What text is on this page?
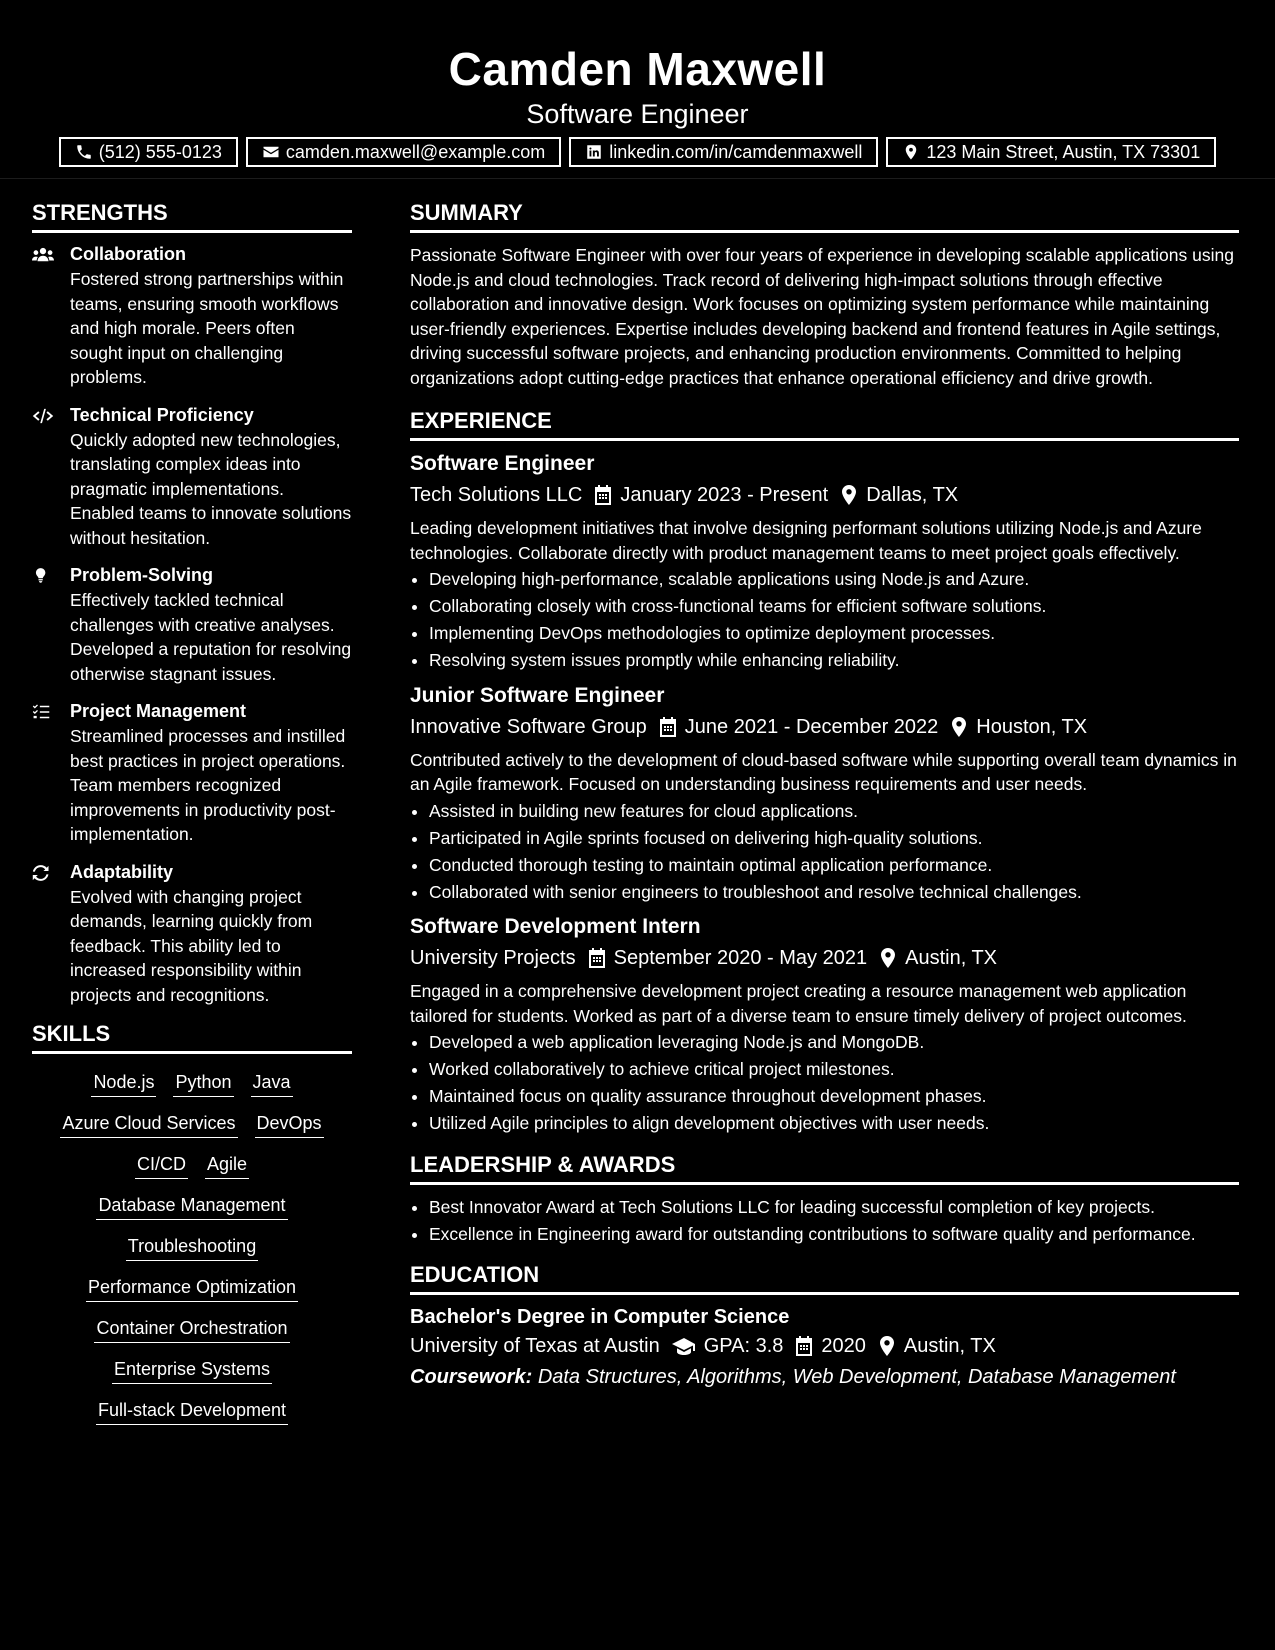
Camden Maxwell
Software Engineer
(512) 555-0123	camden.maxwell@example.com	linkedin.com/in/camdenmaxwell	123 Main Street, Austin, TX 73301
STRENGTHS
Collaboration
Fostered strong partnerships within teams, ensuring smooth workflows and high morale. Peers often sought input on challenging problems.
Technical Proficiency
Quickly adopted new technologies, translating complex ideas into pragmatic implementations. Enabled teams to innovate solutions without hesitation.
Problem-Solving
Effectively tackled technical challenges with creative analyses. Developed a reputation for resolving otherwise stagnant issues.
Project Management
Streamlined processes and instilled best practices in project operations. Team members recognized improvements in productivity post-implementation.
Adaptability
Evolved with changing project demands, learning quickly from feedback. This ability led to increased responsibility within projects and recognitions.
SKILLS
Node.js Python Java
Azure Cloud Services DevOps
CI/CD Agile
Database Management
Troubleshooting
Performance Optimization
Container Orchestration
Enterprise Systems
Full-stack Development
SUMMARY
Passionate Software Engineer with over four years of experience in developing scalable applications using Node.js and cloud technologies. Track record of delivering high-impact solutions through effective collaboration and innovative design. Work focuses on optimizing system performance while maintaining user-friendly experiences. Expertise includes developing backend and frontend features in Agile settings, driving successful software projects, and enhancing production environments. Committed to helping organizations adopt cutting-edge practices that enhance operational efficiency and drive growth.
EXPERIENCE
Software Engineer
Tech Solutions LLC January 2023 - Present Dallas, TX
Leading development initiatives that involve designing performant solutions utilizing Node.js and Azure technologies. Collaborate directly with product management teams to meet project goals effectively.
• Developing high-performance, scalable applications using Node.js and Azure.
• Collaborating closely with cross-functional teams for efficient software solutions.
• Implementing DevOps methodologies to optimize deployment processes.
• Resolving system issues promptly while enhancing reliability.
Junior Software Engineer
Innovative Software Group June 2021 - December 2022 Houston, TX
Contributed actively to the development of cloud-based software while supporting overall team dynamics in an Agile framework. Focused on understanding business requirements and user needs.
• Assisted in building new features for cloud applications.
• Participated in Agile sprints focused on delivering high-quality solutions.
• Conducted thorough testing to maintain optimal application performance.
• Collaborated with senior engineers to troubleshoot and resolve technical challenges.
Software Development Intern
University Projects September 2020 - May 2021 Austin, TX
Engaged in a comprehensive development project creating a resource management web application tailored for students. Worked as part of a diverse team to ensure timely delivery of project outcomes.
• Developed a web application leveraging Node.js and MongoDB.
• Worked collaboratively to achieve critical project milestones.
• Maintained focus on quality assurance throughout development phases.
• Utilized Agile principles to align development objectives with user needs.
LEADERSHIP & AWARDS
• Best Innovator Award at Tech Solutions LLC for leading successful completion of key projects.
• Excellence in Engineering award for outstanding contributions to software quality and performance.
EDUCATION
Bachelor's Degree in Computer Science
University of Texas at Austin GPA: 3.8 2020 Austin, TX
Coursework: Data Structures, Algorithms, Web Development, Database Management
